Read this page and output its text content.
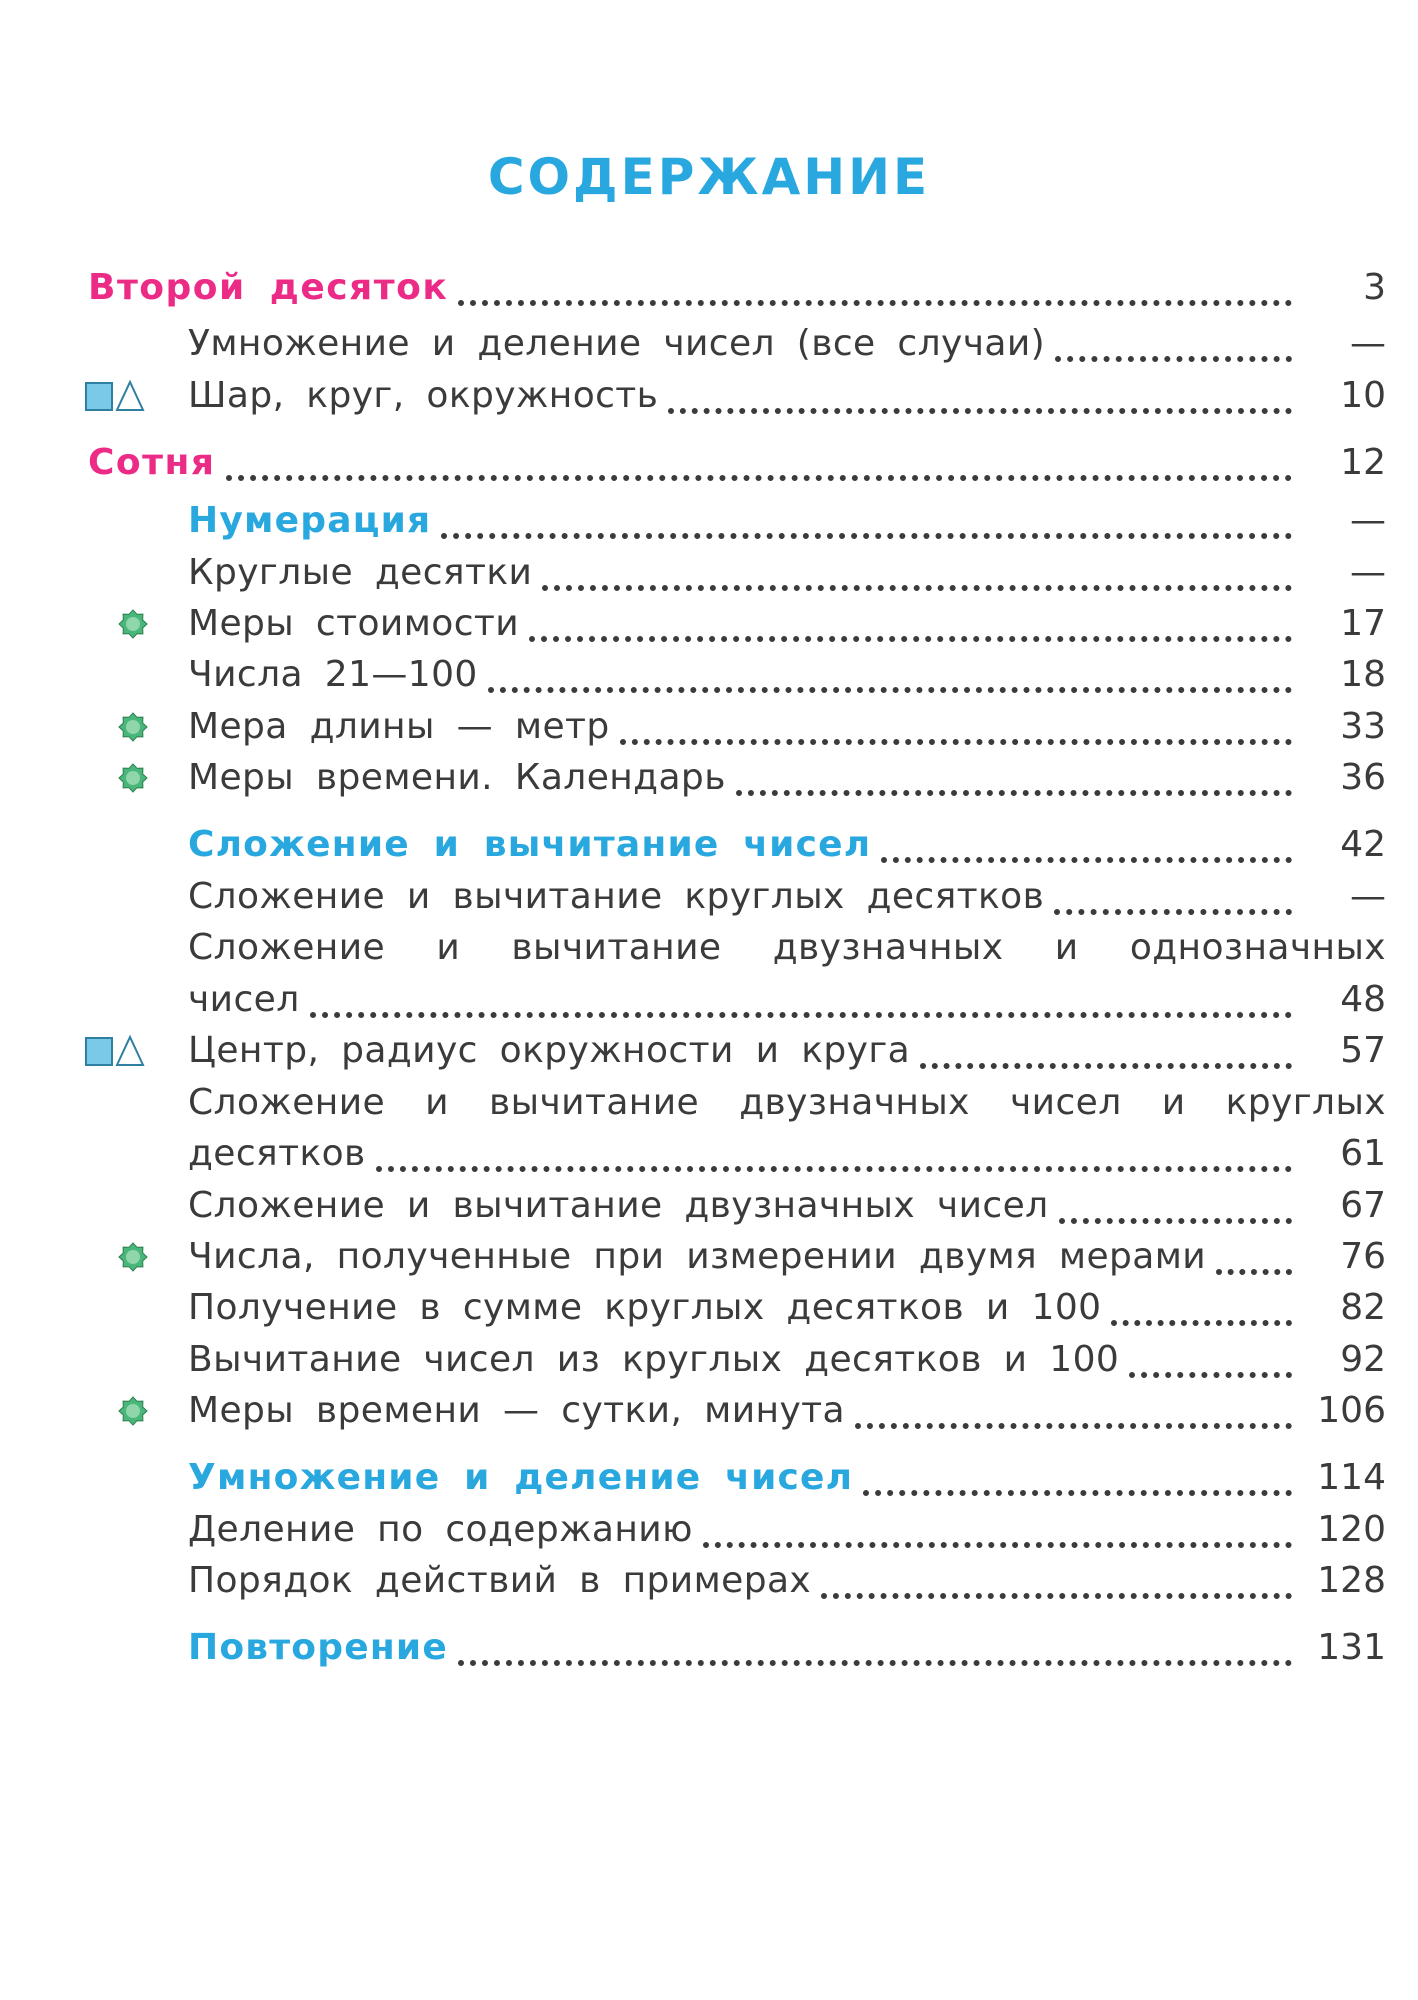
СОДЕРЖАНИЕ
Второй десяток	3
Умножение и деление чисел (все случаи)	—
Шар, круг, окружность	10
Сотня	12
Нумерация	—
Круглые десятки	—
Меры стоимости	17
Числа 21—100	18
Мера длины — метр	33
Меры времени. Календарь	36
Сложение и вычитание чисел	42
Сложение и вычитание круглых десятков	—
Сложение и вычитание двузначных и однозначных
чисел	48
Центр, радиус окружности и круга	57
Сложение и вычитание двузначных чисел и круглых
десятков	61
Сложение и вычитание двузначных чисел	67
Числа, полученные при измерении двумя мерами	76
Получение в сумме круглых десятков и 100	82
Вычитание чисел из круглых десятков и 100	92
Меры времени — сутки, минута	106
Умножение и деление чисел	114
Деление по содержанию	120
Порядок действий в примерах	128
Повторение	131
